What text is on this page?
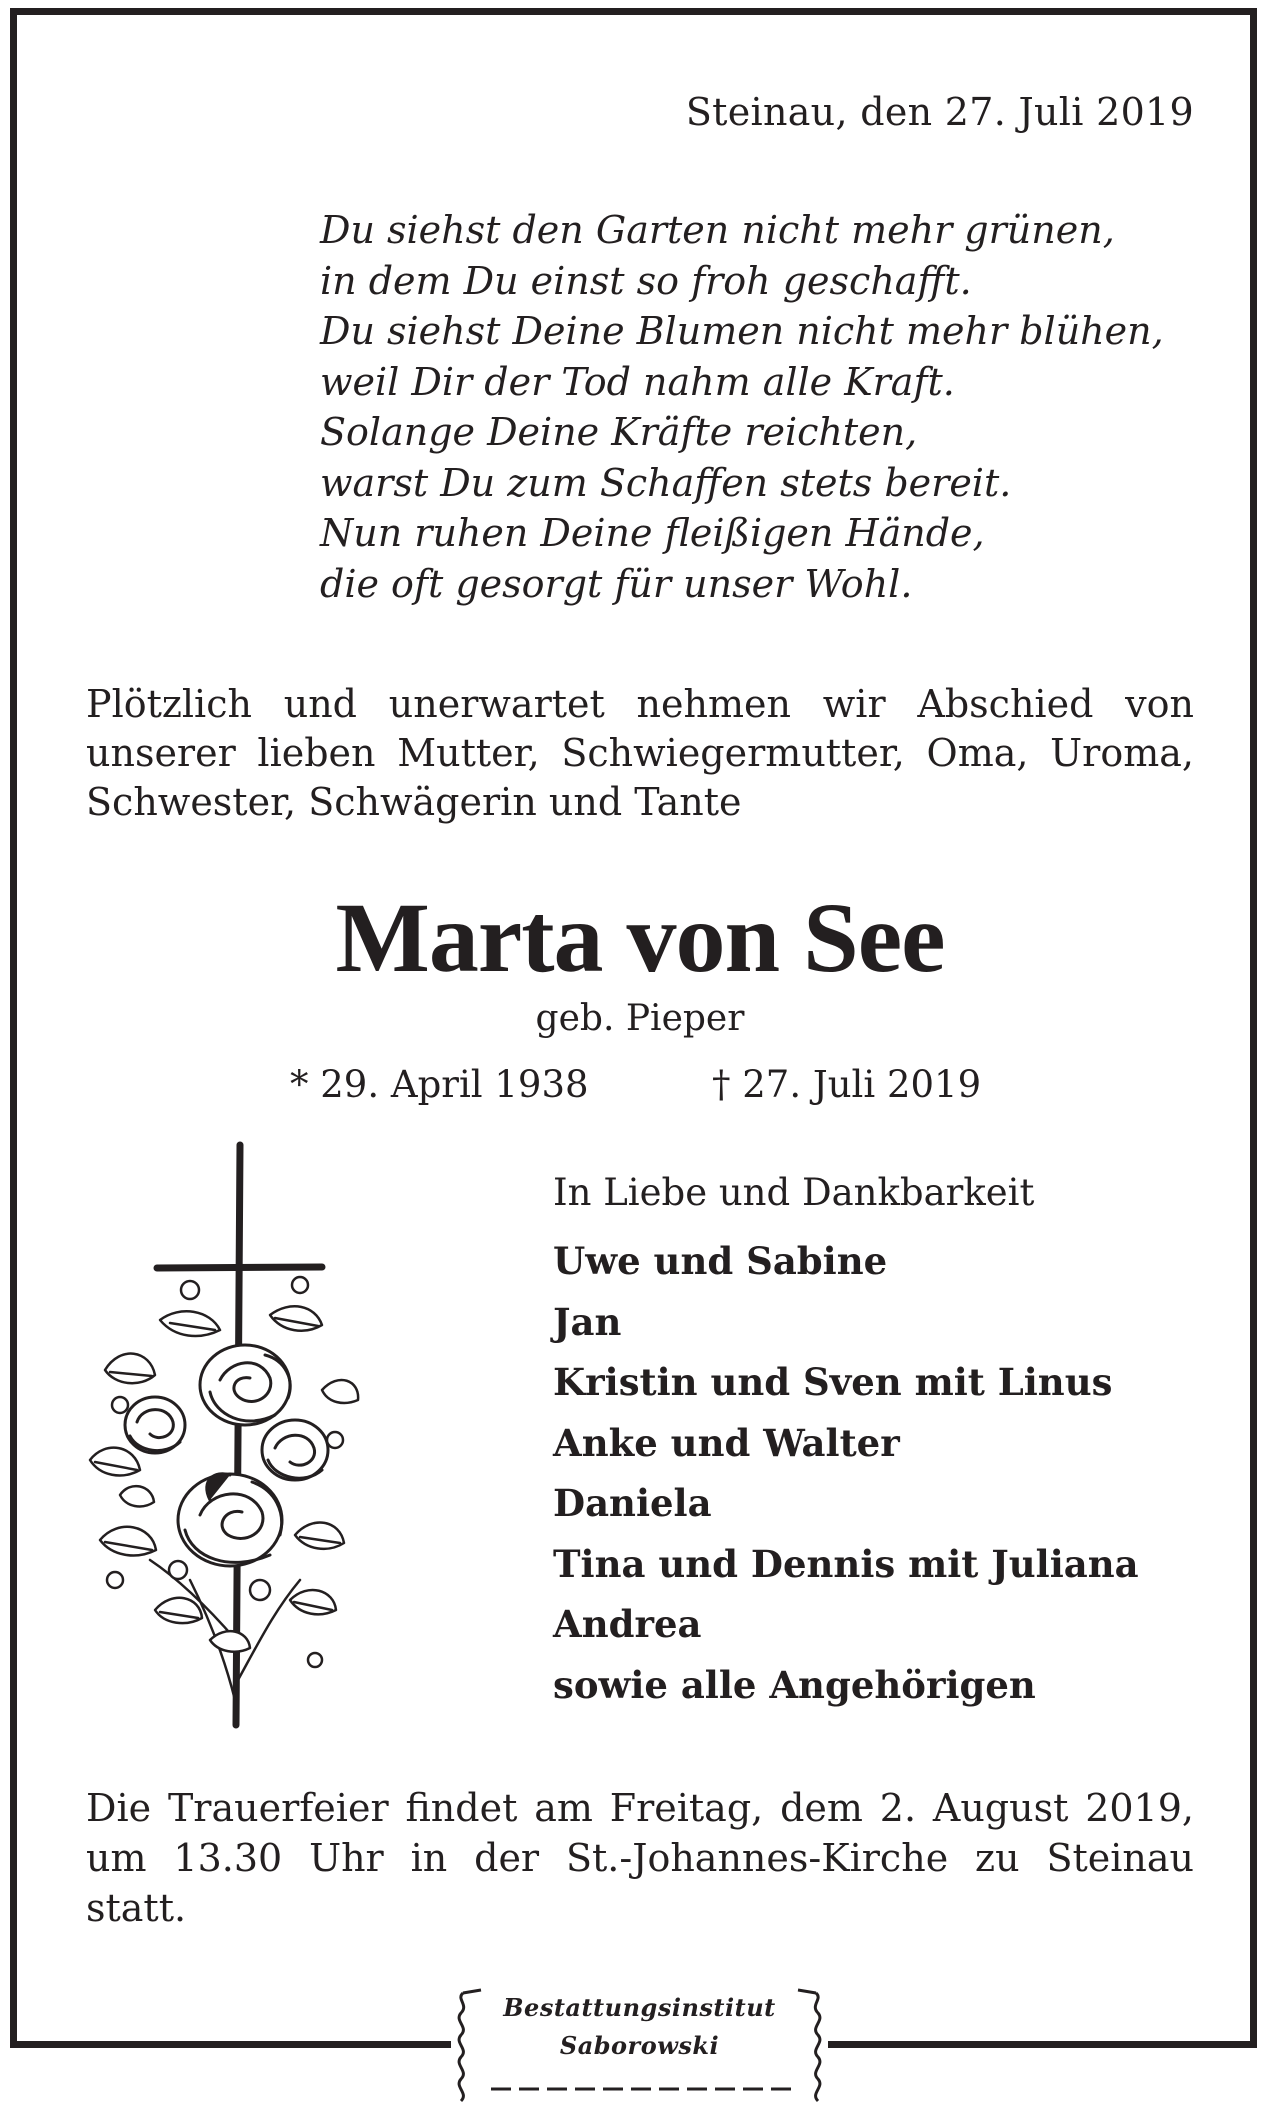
Steinau, den 27. Juli 2019
Du siehst den Garten nicht mehr grünen,
in dem Du einst so froh geschafft.
Du siehst Deine Blumen nicht mehr blühen,
weil Dir der Tod nahm alle Kraft.
Solange Deine Kräfte reichten,
warst Du zum Schaffen stets bereit.
Nun ruhen Deine fleißigen Hände,
die oft gesorgt für unser Wohl.
Plötzlich und unerwartet nehmen wir Abschied von unserer lieben Mutter, Schwiegermutter, Oma, Uroma, Schwester, Schwägerin und Tante
Marta von See
geb. Pieper
* 29. April 1938	† 27. Juli 2019
In Liebe und Dankbarkeit
Uwe und Sabine
Jan
Kristin und Sven mit Linus
Anke und Walter
Daniela
Tina und Dennis mit Juliana
Andrea
sowie alle Angehörigen
Die Trauerfeier findet am Freitag, dem 2. August 2019, um 13.30 Uhr in der St.-Johannes-Kirche zu Steinau statt.
Bestattungsinstitut
Saborowski
